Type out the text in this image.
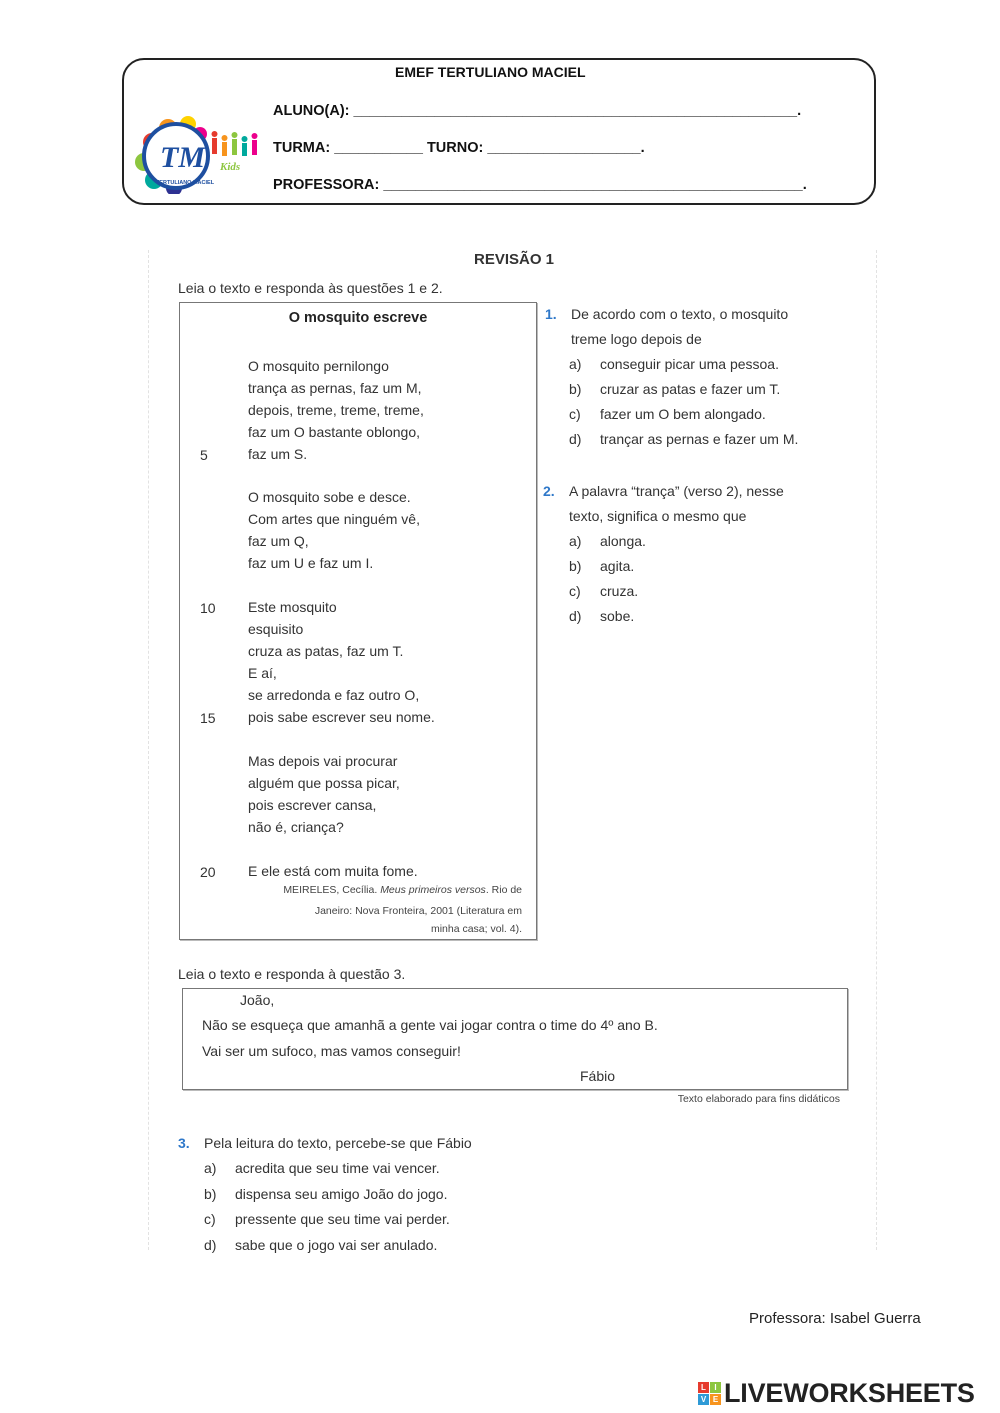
EMEF TERTULIANO MACIEL
TM
TERTULIANO MACIEL
Kids
ALUNO(A): _______________________________________________________.
TURMA: ___________ TURNO: ___________________.
PROFESSORA: ____________________________________________________.
REVISÃO 1
Leia o texto e responda às questões 1 e 2.
O mosquito escreve
O mosquito pernilongo
trança as pernas, faz um M,
depois, treme, treme, treme,
faz um O bastante oblongo,
faz um S.
5
O mosquito sobe e desce.
Com artes que ninguém vê,
faz um Q,
faz um U e faz um I.
Este mosquito
10
esquisito
cruza as patas, faz um T.
E aí,
se arredonda e faz outro O,
pois sabe escrever seu nome.
15
Mas depois vai procurar
alguém que possa picar,
pois escrever cansa,
não é, criança?
E ele está com muita fome.
20
MEIRELES, Cecília. Meus primeiros versos. Rio de
Janeiro: Nova Fronteira, 2001 (Literatura em
minha casa; vol. 4).
1. De acordo com o texto, o mosquito
treme logo depois de
a) conseguir picar uma pessoa.
b) cruzar as patas e fazer um T.
c) fazer um O bem alongado.
d) trançar as pernas e fazer um M.
2. A palavra “trança” (verso 2), nesse
texto, significa o mesmo que
a) alonga.
b) agita.
c) cruza.
d) sobe.
Leia o texto e responda à questão 3.
João,
Não se esqueça que amanhã a gente vai jogar contra o time do 4º ano B.
Vai ser um sufoco, mas vamos conseguir!
Fábio
Texto elaborado para fins didáticos
3. Pela leitura do texto, percebe-se que Fábio
a) acredita que seu time vai vencer.
b) dispensa seu amigo João do jogo.
c) pressente que seu time vai perder.
d) sabe que o jogo vai ser anulado.
Professora: Isabel Guerra
L	I
V E LIVEWORKSHEETS
